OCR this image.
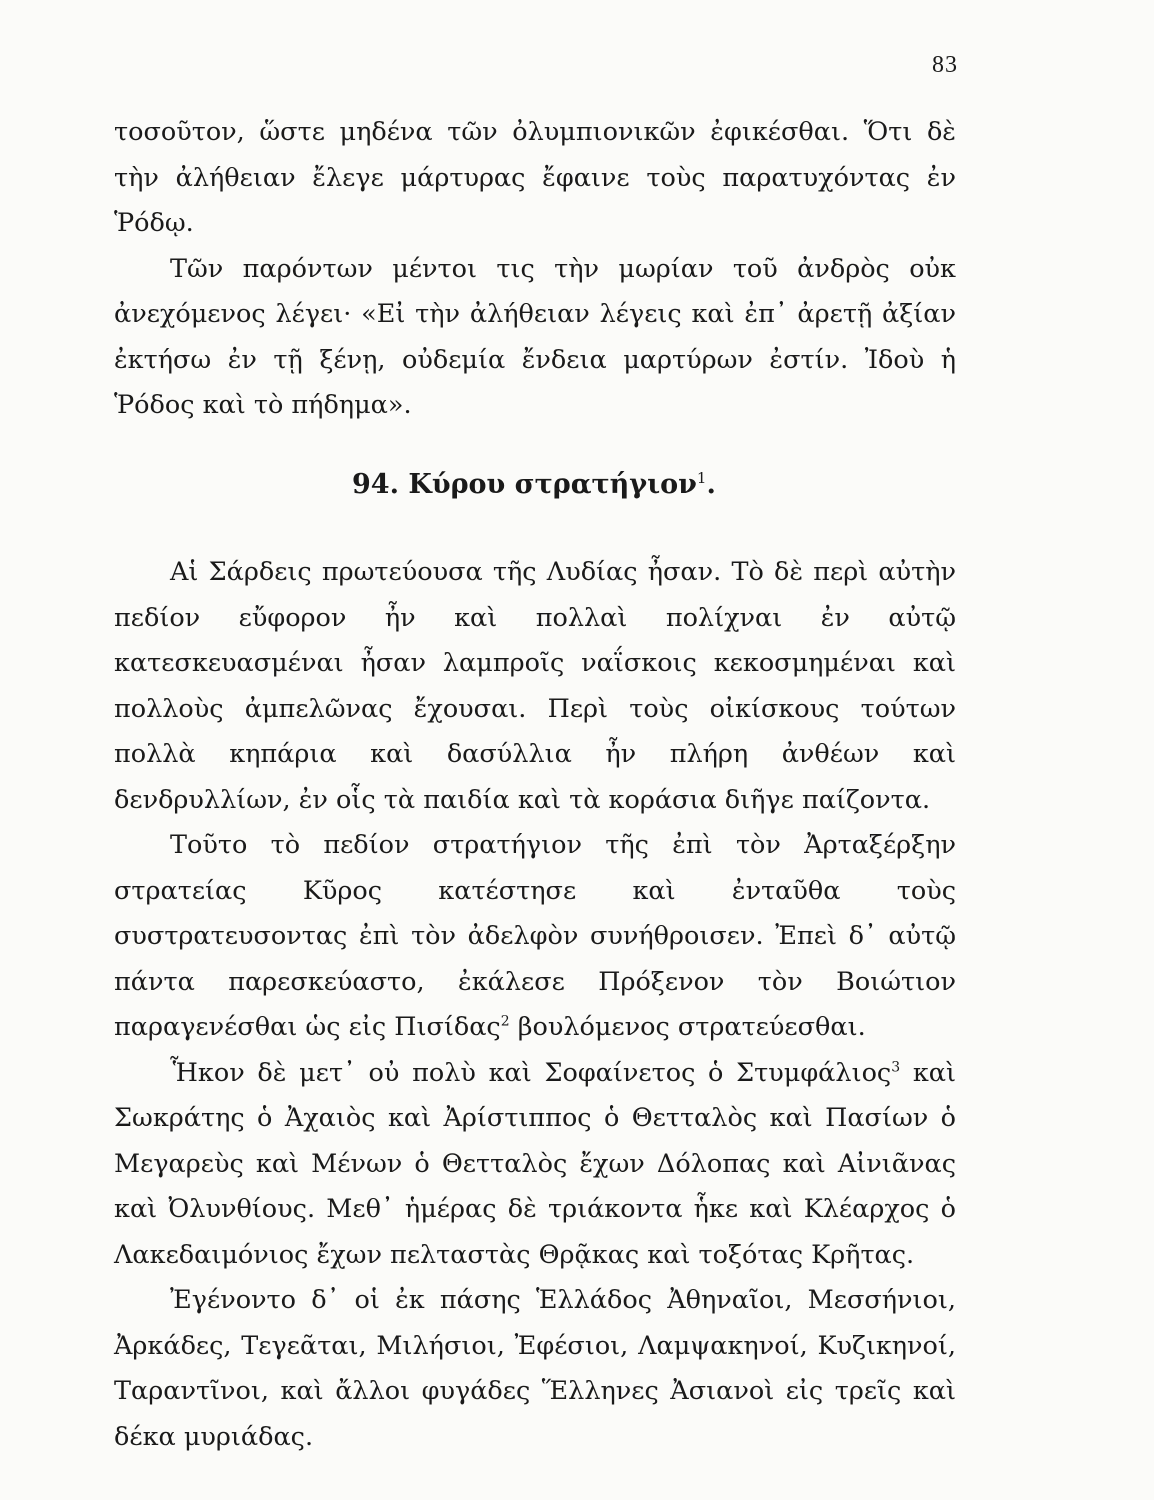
83

τοσοῦτον, ὥστε μηδένα τῶν ὀλυμπιονικῶν ἐφικέσθαι. Ὅτι δὲ τὴν ἀλήθειαν ἔλεγε μάρτυρας ἔφαινε τοὺς παρατυχόντας ἐν Ῥόδῳ.

Τῶν παρόντων μέντοι τις τὴν μωρίαν τοῦ ἀνδρὸς οὐκ ἀνεχόμενος λέγει· «Εἰ τὴν ἀλήθειαν λέγεις καὶ ἐπ᾽ ἀρετῇ ἀξίαν ἐκτήσω ἐν τῇ ξένῃ, οὐδεμία ἔνδεια μαρτύρων ἐστίν. Ἰδοὺ ἡ Ῥόδος καὶ τὸ πήδημα».

94. Κύρου στρατήγιον$^1$.

Αἱ Σάρδεις πρωτεύουσα τῆς Λυδίας ἦσαν. Τὸ δὲ περὶ αὐτὴν πεδίον εὔφορον ἦν καὶ πολλαὶ πολίχναι ἐν αὐτῷ κατεσκευασμέναι ἦσαν λαμπροῖς ναΐσκοις κεκοσμημέναι καὶ πολλοὺς ἀμπελῶνας ἔχουσαι. Περὶ τοὺς οἰκίσκους τούτων πολλὰ κηπάρια καὶ δασύλλια ἦν πλήρη ἀνθέων καὶ δενδρυλλίων, ἐν οἷς τὰ παιδία καὶ τὰ κοράσια διῆγε παίζοντα.

Τοῦτο τὸ πεδίον στρατήγιον τῆς ἐπὶ τὸν Ἀρταξέρξην στρατείας Κῦρος κατέστησε καὶ ἐνταῦθα τοὺς συστρατευσοντας ἐπὶ τὸν ἀδελφὸν συνήθροισεν. Ἐπεὶ δ᾽ αὐτῷ πάντα παρεσκεύαστο, ἐκάλεσε Πρόξενον τὸν Βοιώτιον παραγενέσθαι ὡς εἰς Πισίδας$^2$ βουλόμενος στρατεύεσθαι.

Ἧκον δὲ μετ᾽ οὐ πολὺ καὶ Σοφαίνετος ὁ Στυμφάλιος$^3$ καὶ Σωκράτης ὁ Ἀχαιὸς καὶ Ἀρίστιππος ὁ Θετταλὸς καὶ Πασίων ὁ Μεγαρεὺς καὶ Μένων ὁ Θετταλὸς ἔχων Δόλοπας καὶ Αἰνιᾶνας καὶ Ὀλυνθίους. Μεθ᾽ ἡμέρας δὲ τριάκοντα ἧκε καὶ Κλέαρχος ὁ Λακεδαιμόνιος ἔχων πελταστὰς Θρᾷκας καὶ τοξότας Κρῆτας.

Ἐγένοντο δ᾽ οἱ ἐκ πάσης Ἑλλάδος Ἀθηναῖοι, Μεσσήνιοι, Ἀρκάδες, Τεγεᾶται, Μιλήσιοι, Ἐφέσιοι, Λαμψακηνοί, Κυζικηνοί, Ταραντῖνοι, καὶ ἄλλοι φυγάδες Ἕλληνες Ἀσιανοὶ εἰς τρεῖς καὶ δέκα μυριάδας.
